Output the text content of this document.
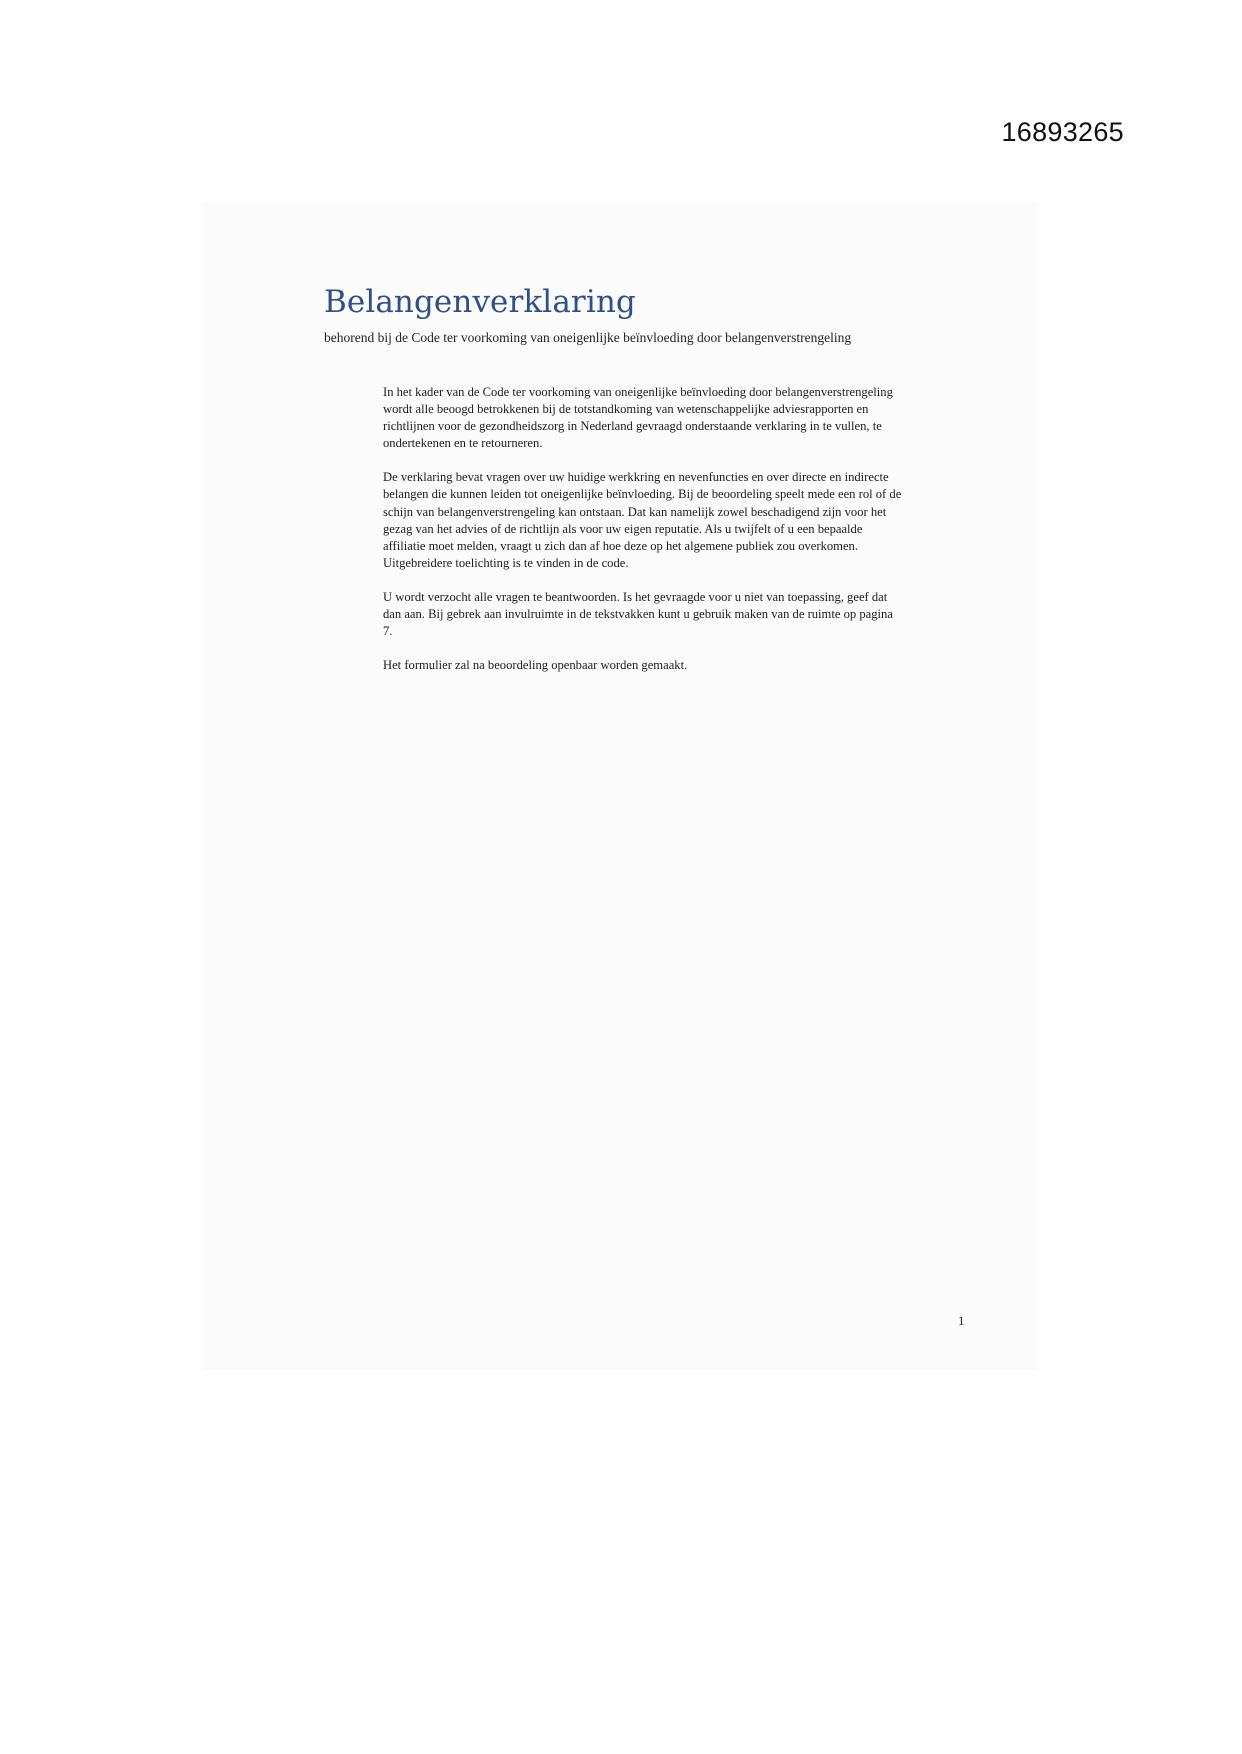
16893265
Belangenverklaring
behorend bij de Code ter voorkoming van oneigenlijke beïnvloeding door belangenverstrengeling

In het kader van de Code ter voorkoming van oneigenlijke beïnvloeding door belangenverstrengeling wordt alle beoogd betrokkenen bij de totstandkoming van wetenschappelijke adviesrapporten en richtlijnen voor de gezondheidszorg in Nederland gevraagd onderstaande verklaring in te vullen, te ondertekenen en te retourneren.

De verklaring bevat vragen over uw huidige werkkring en nevenfuncties en over directe en indirecte belangen die kunnen leiden tot oneigenlijke beïnvloeding. Bij de beoordeling speelt mede een rol of de schijn van belangenverstrengeling kan ontstaan. Dat kan namelijk zowel beschadigend zijn voor het gezag van het advies of de richtlijn als voor uw eigen reputatie. Als u twijfelt of u een bepaalde affiliatie moet melden, vraagt u zich dan af hoe deze op het algemene publiek zou overkomen. Uitgebreidere toelichting is te vinden in de code.

U wordt verzocht alle vragen te beantwoorden. Is het gevraagde voor u niet van toepassing, geef dat dan aan. Bij gebrek aan invulruimte in de tekstvakken kunt u gebruik maken van de ruimte op pagina 7.

Het formulier zal na beoordeling openbaar worden gemaakt.

1
